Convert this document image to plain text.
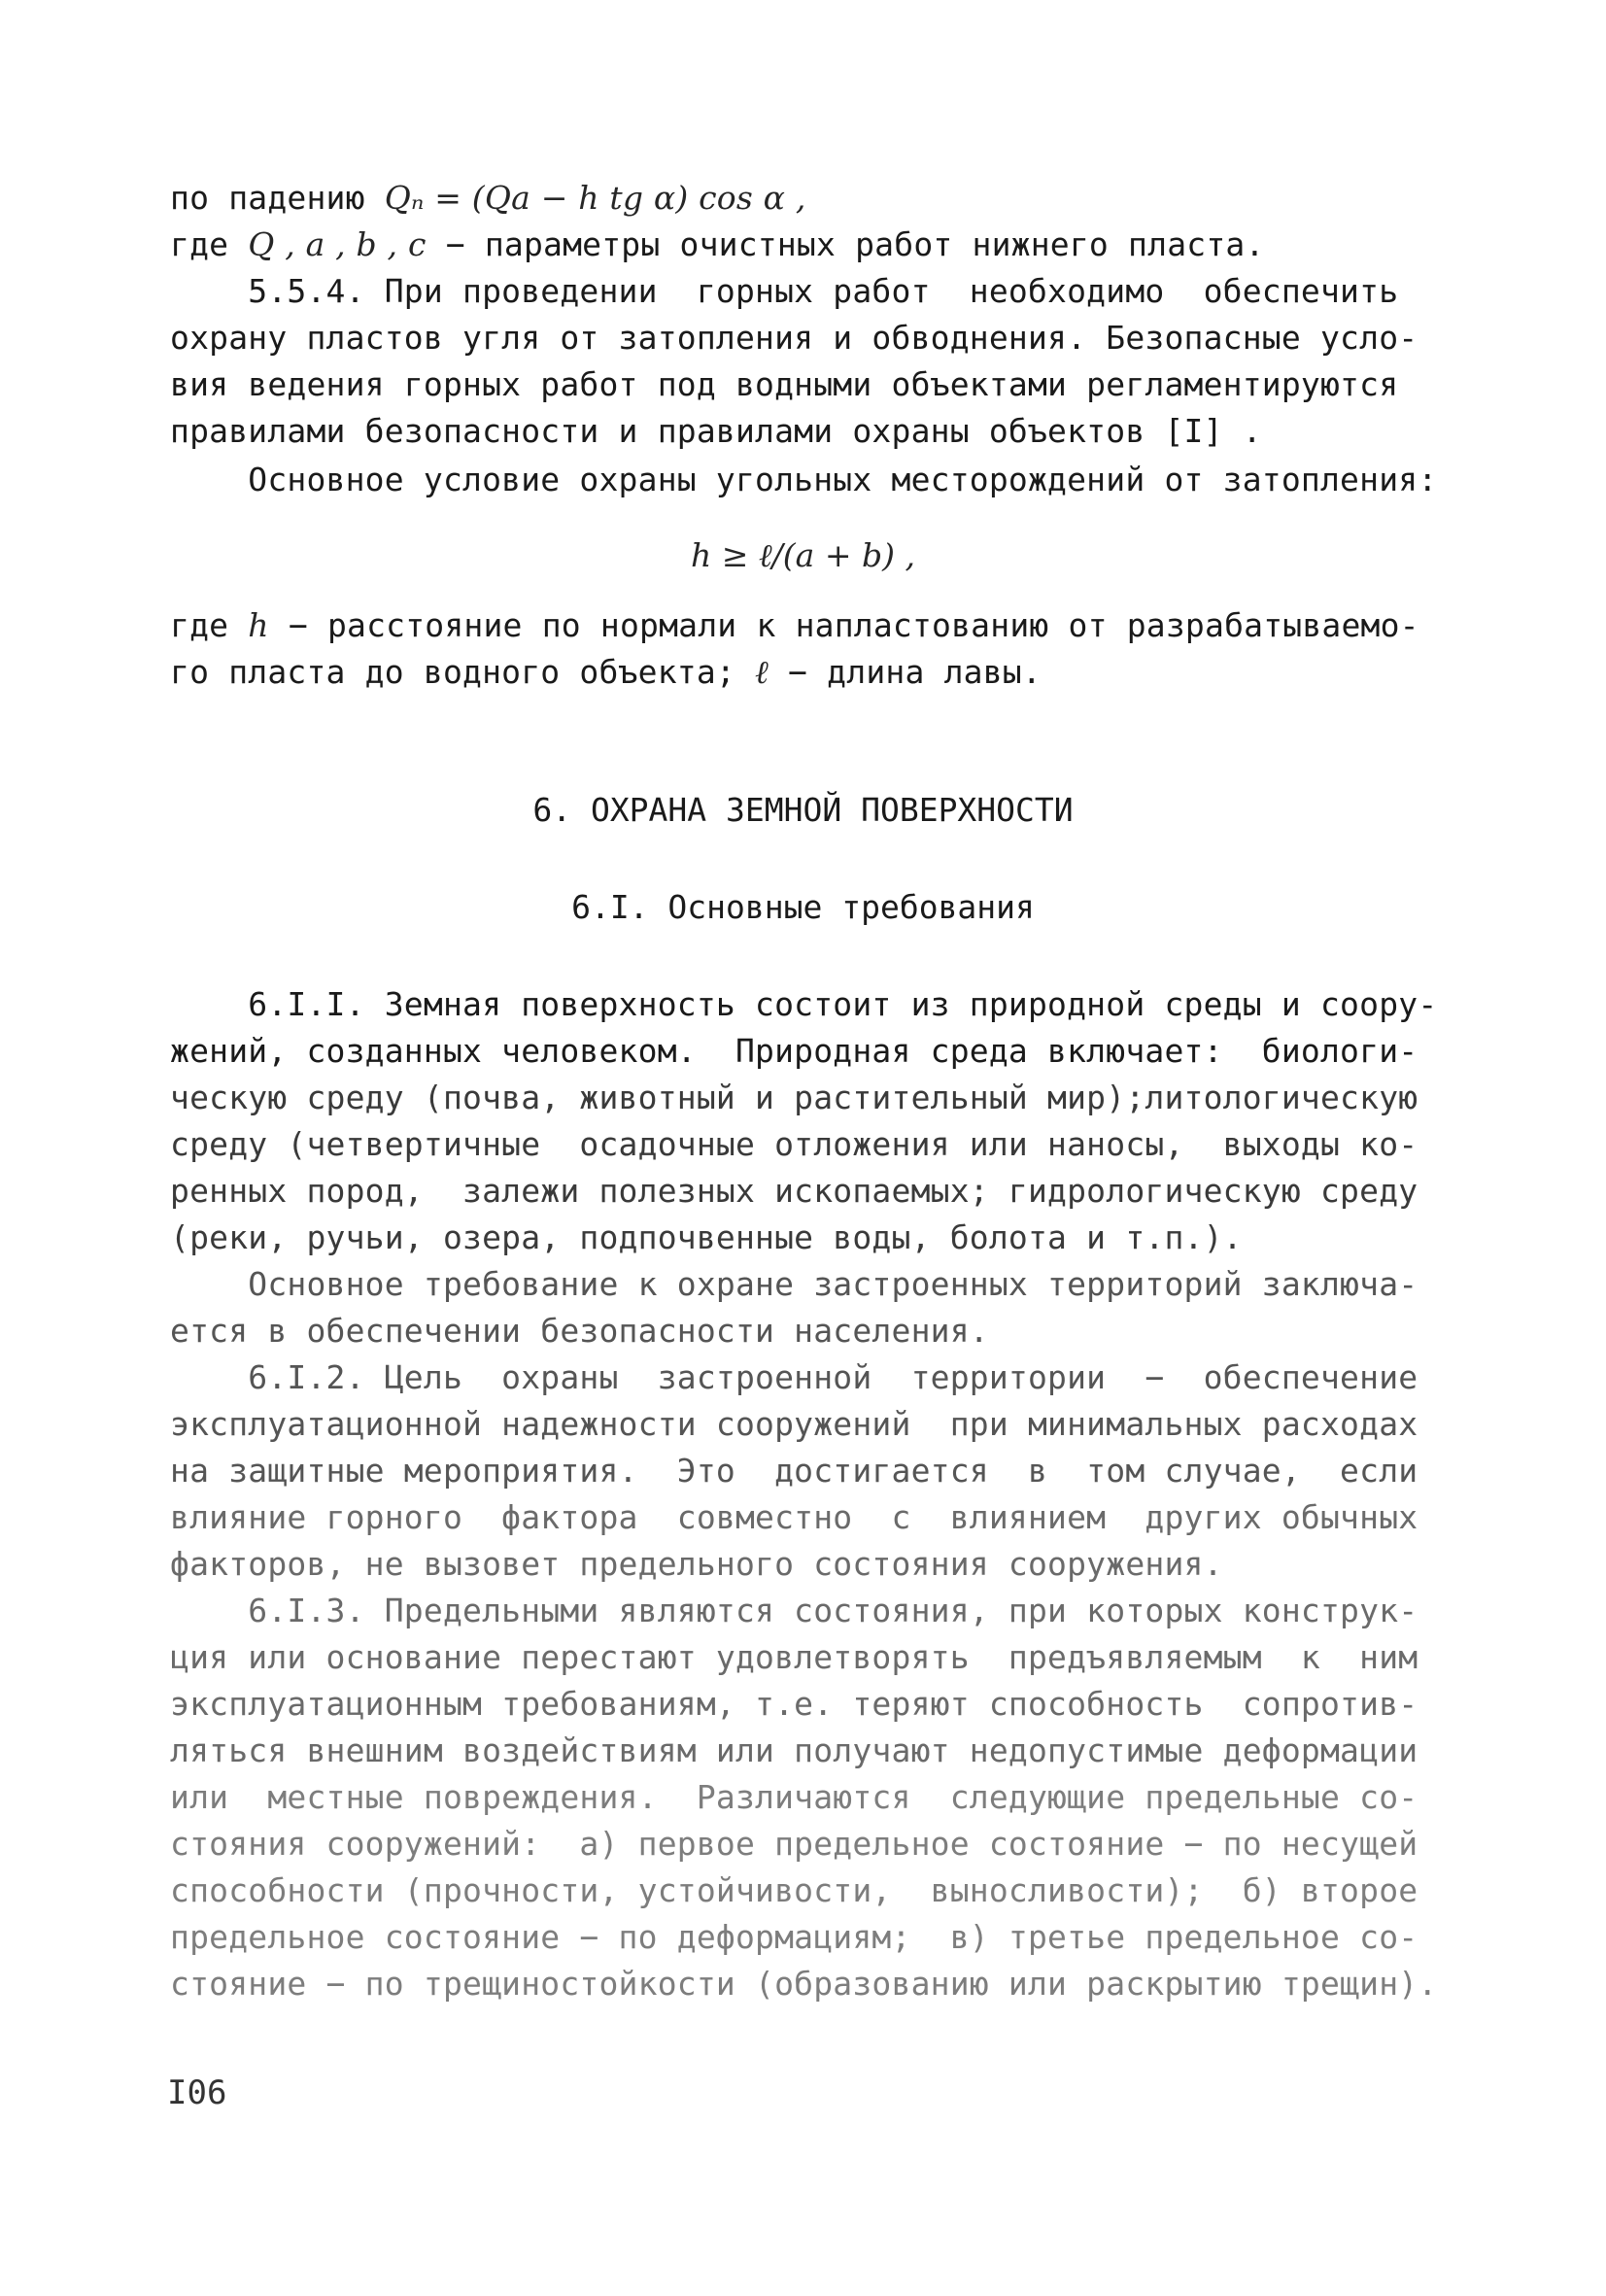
по падению Qₙ = (Qa − h tg α) cos α ,
где Q , a , b , c − параметры очистных работ нижнего пласта.
5.5.4. При проведении  горных работ  необходимо  обеспечить
охрану пластов угля от затопления и обводнения. Безопасные усло-
вия ведения горных работ под водными объектами регламентируются
правилами безопасности и правилами охраны объектов [I] .
Основное условие охраны угольных месторождений от затопления:
h ≥ ℓ/(a + b) ,
где h − расстояние по нормали к напластованию от разрабатываемо-
го пласта до водного объекта; ℓ − длина лавы.
6. ОХРАНА ЗЕМНОЙ ПОВЕРХНОСТИ
6.I. Основные требования
6.I.I. Земная поверхность состоит из природной среды и соору-
жений, созданных человеком.  Природная среда включает:  биологи-
ческую среду (почва, животный и растительный мир);литологическую
среду (четвертичные  осадочные отложения или наносы,  выходы ко-
ренных пород,  залежи полезных ископаемых; гидрологическую среду
(реки, ручьи, озера, подпочвенные воды, болота и т.п.).
Основное требование к охране застроенных территорий заключа-
ется в обеспечении безопасности населения.
6.I.2. Цель  охраны  застроенной  территории  −  обеспечение
эксплуатационной надежности сооружений  при минимальных расходах
на защитные мероприятия.  Это  достигается  в  том случае,  если
влияние горного  фактора  совместно  с  влиянием  других обычных
факторов, не вызовет предельного состояния сооружения.
6.I.3. Предельными являются состояния, при которых конструк-
ция или основание перестают удовлетворять  предъявляемым  к  ним
эксплуатационным требованиям, т.е. теряют способность  сопротив-
ляться внешним воздействиям или получают недопустимые деформации
или  местные повреждения.  Различаются  следующие предельные со-
стояния сооружений:  а) первое предельное состояние − по несущей
способности (прочности, устойчивости,  выносливости);  б) второе
предельное состояние − по деформациям;  в) третье предельное со-
стояние − по трещиностойкости (образованию или раскрытию трещин).
I06
